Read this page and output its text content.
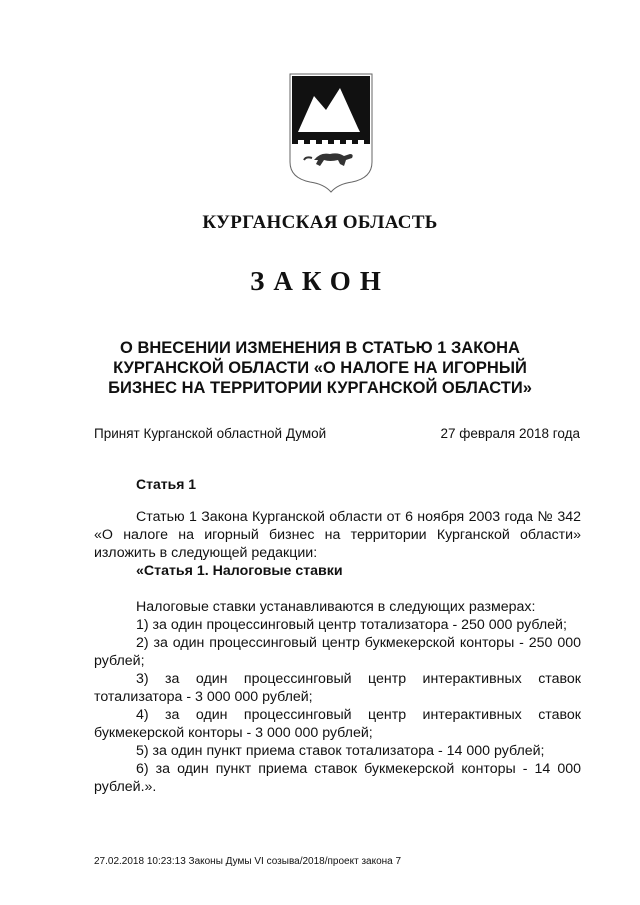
КУРГАНСКАЯ ОБЛАСТЬ
ЗАКОН
О ВНЕСЕНИИ ИЗМЕНЕНИЯ В СТАТЬЮ 1 ЗАКОНА КУРГАНСКОЙ ОБЛАСТИ «О НАЛОГЕ НА ИГОРНЫЙ БИЗНЕС НА ТЕРРИТОРИИ КУРГАНСКОЙ ОБЛАСТИ»
Принят Курганской областной Думой	27 февраля 2018 года
Статья 1

Статью 1 Закона Курганской области от 6 ноября 2003 года № 342 «О налоге на игорный бизнес на территории Курганской области» изложить в следующей редакции:

«Статья 1. Налоговые ставки

Налоговые ставки устанавливаются в следующих размерах:

1) за один процессинговый центр тотализатора - 250 000 рублей;

2) за один процессинговый центр букмекерской конторы - 250 000 рублей;

3) за один процессинговый центр интерактивных ставок тотализатора - 3 000 000 рублей;

4) за один процессинговый центр интерактивных ставок букмекерской конторы - 3 000 000 рублей;

5) за один пункт приема ставок тотализатора - 14 000 рублей;

6) за один пункт приема ставок букмекерской конторы - 14 000 рублей.».

27.02.2018 10:23:13 Законы Думы VI созыва/2018/проект закона 7
